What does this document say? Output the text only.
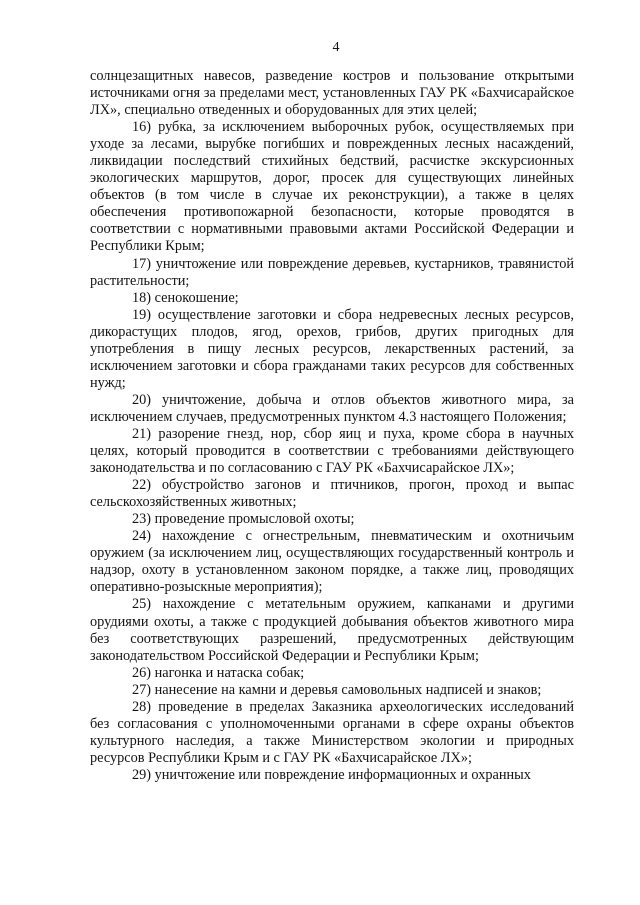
4

солнцезащитных навесов, разведение костров и пользование открытыми источниками огня за пределами мест, установленных ГАУ РК «Бахчисарайское ЛХ», специально отведенных и оборудованных для этих целей;

16) рубка, за исключением выборочных рубок, осуществляемых при уходе за лесами, вырубке погибших и поврежденных лесных насаждений, ликвидации последствий стихийных бедствий, расчистке экскурсионных экологических маршрутов, дорог, просек для существующих линейных объектов (в том числе в случае их реконструкции), а также в целях обеспечения противопожарной безопасности, которые проводятся в соответствии с нормативными правовыми актами Российской Федерации и Республики Крым;

17) уничтожение или повреждение деревьев, кустарников, травянистой растительности;

18) сенокошение;

19) осуществление заготовки и сбора недревесных лесных ресурсов, дикорастущих плодов, ягод, орехов, грибов, других пригодных для употребления в пищу лесных ресурсов, лекарственных растений, за исключением заготовки и сбора гражданами таких ресурсов для собственных нужд;

20) уничтожение, добыча и отлов объектов животного мира, за исключением случаев, предусмотренных пунктом 4.3 настоящего Положения;

21) разорение гнезд, нор, сбор яиц и пуха, кроме сбора в научных целях, который проводится в соответствии с требованиями действующего законодательства и по согласованию с ГАУ РК «Бахчисарайское ЛХ»;

22) обустройство загонов и птичников, прогон, проход и выпас сельскохозяйственных животных;

23) проведение промысловой охоты;

24) нахождение с огнестрельным, пневматическим и охотничьим оружием (за исключением лиц, осуществляющих государственный контроль и надзор, охоту в установленном законом порядке, а также лиц, проводящих оперативно-розыскные мероприятия);

25) нахождение с метательным оружием, капканами и другими орудиями охоты, а также с продукцией добывания объектов животного мира без соответствующих разрешений, предусмотренных действующим законодательством Российской Федерации и Республики Крым;

26) нагонка и натаска собак;

27) нанесение на камни и деревья самовольных надписей и знаков;

28) проведение в пределах Заказника археологических исследований без согласования с уполномоченными органами в сфере охраны объектов культурного наследия, а также Министерством экологии и природных ресурсов Республики Крым и с ГАУ РК «Бахчисарайское ЛХ»;

29) уничтожение или повреждение информационных и охранных
